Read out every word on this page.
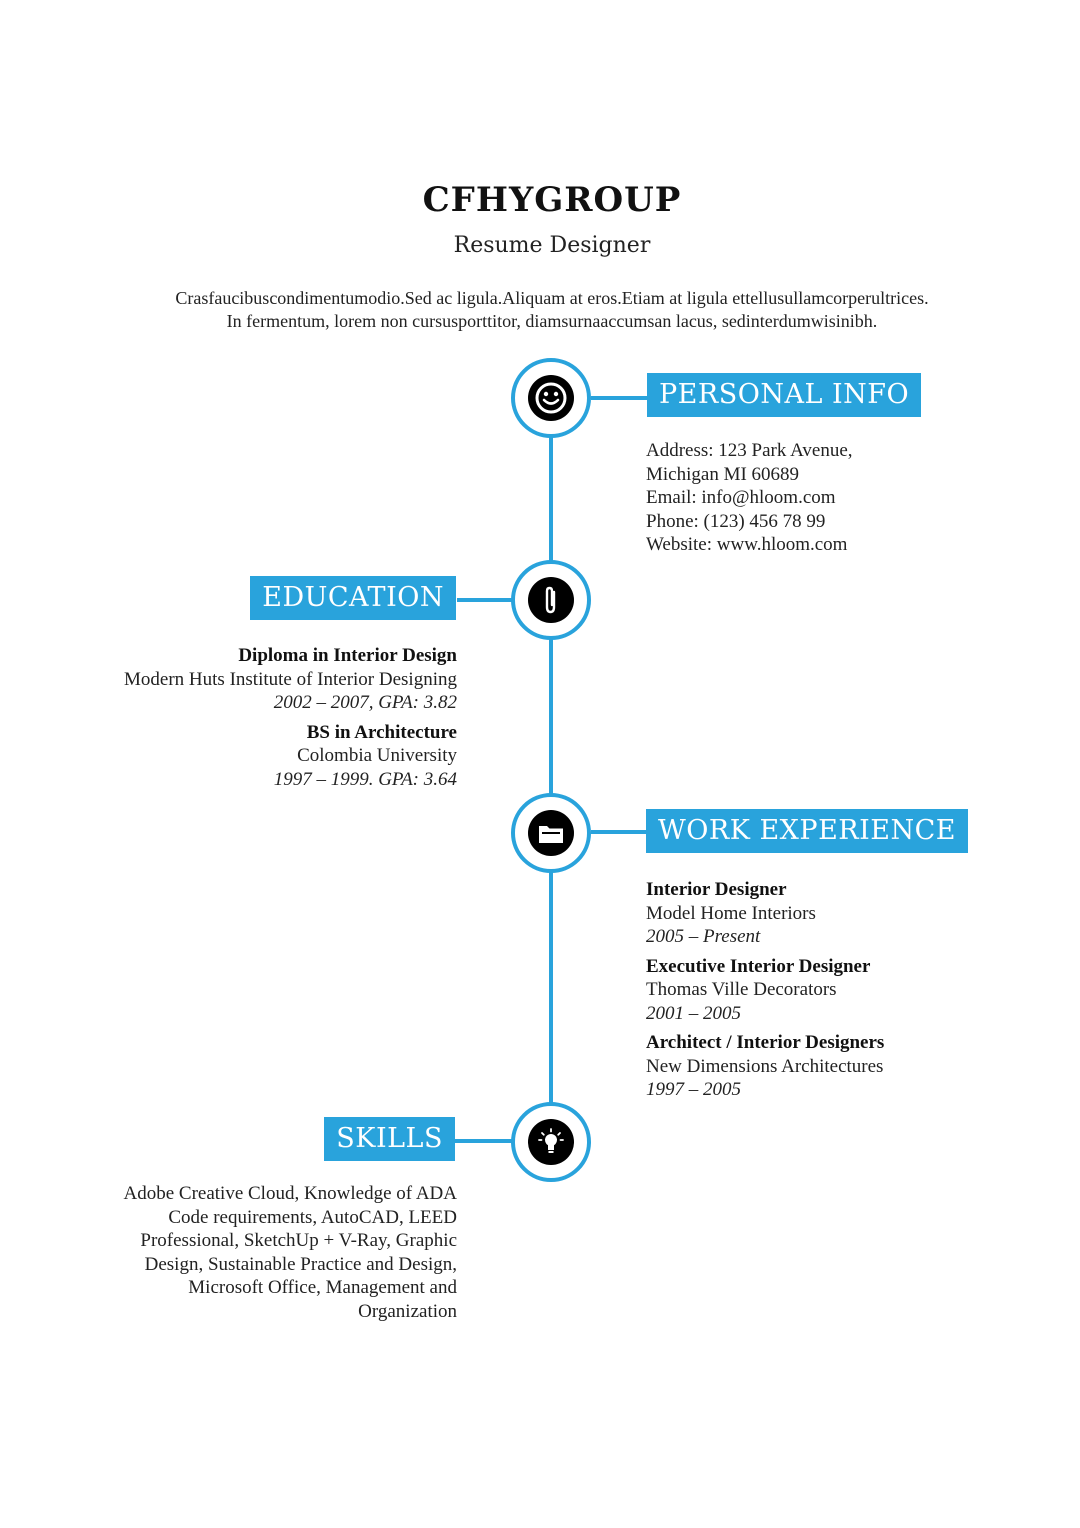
CFHYGROUP
Resume Designer
Crasfaucibuscondimentumodio.Sed ac ligula.Aliquam at eros.Etiam at ligula ettellusullamcorperultrices.
In fermentum, lorem non cursusporttitor, diamsurnaaccumsan lacus, sedinterdumwisinibh.
PERSONAL INFO
Address: 123 Park Avenue,
Michigan MI 60689
Email: info@hloom.com
Phone: (123) 456 78 99
Website: www.hloom.com
EDUCATION
Diploma in Interior Design
Modern Huts Institute of Interior Designing
2002 – 2007, GPA: 3.82
BS in Architecture
Colombia University
1997 – 1999. GPA: 3.64
WORK EXPERIENCE
Interior Designer
Model Home Interiors
2005 – Present
Executive Interior Designer
Thomas Ville Decorators
2001 – 2005
Architect / Interior Designers
New Dimensions Architectures
1997 – 2005
SKILLS
Adobe Creative Cloud, Knowledge of ADA
Code requirements, AutoCAD, LEED
Professional, SketchUp + V-Ray, Graphic
Design, Sustainable Practice and Design,
Microsoft Office, Management and
Organization
